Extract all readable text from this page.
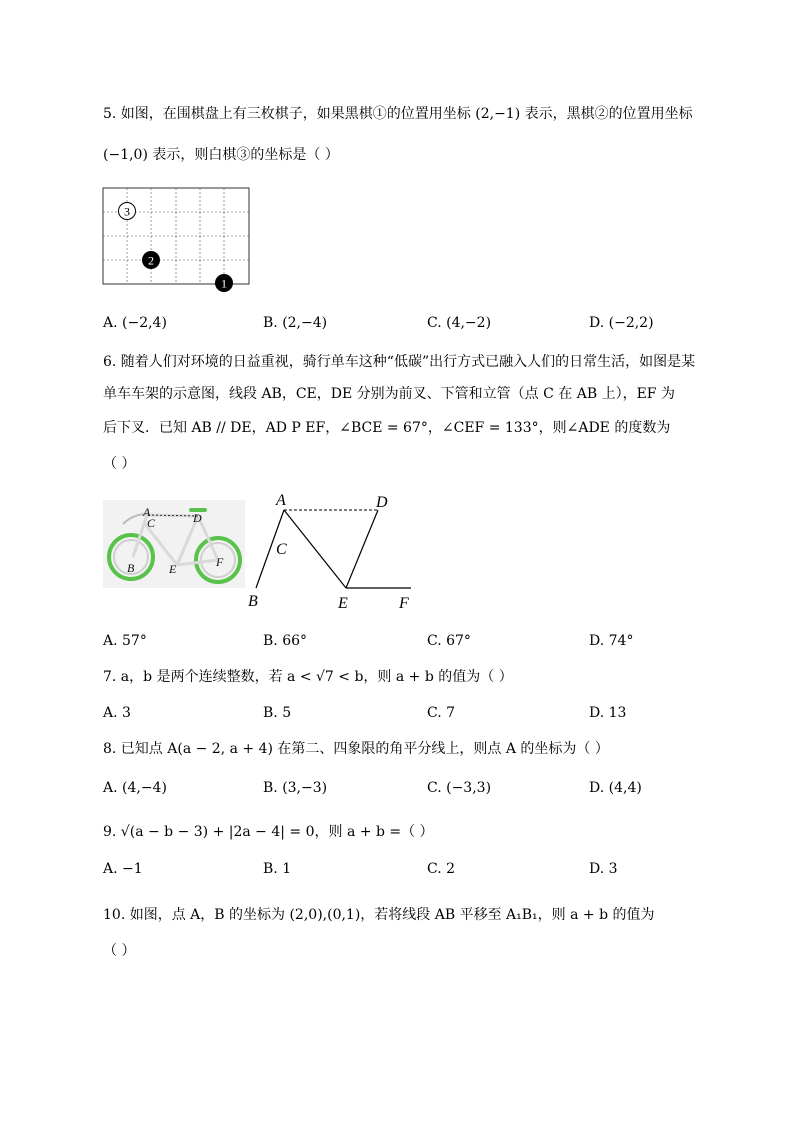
5. 如图，在围棋盘上有三枚棋子，如果黑棋①的位置用坐标 (2,−1) 表示，黑棋②的位置用坐标
(−1,0) 表示，则白棋③的坐标是（ ）
3
2
1
A. (−2,4)	B. (2,−4)	C. (4,−2)	D. (−2,2)
6. 随着人们对环境的日益重视，骑行单车这种“低碳”出行方式已融入人们的日常生活，如图是某
单车车架的示意图，线段 AB，CE，DE 分别为前叉、下管和立管（点 C 在 AB 上），EF 为
后下叉．已知 AB // DE，AD P EF，∠BCE = 67°，∠CEF = 133°，则∠ADE 的度数为
（ ）
A
C	D
B	E	F
A	D
C
B	E	F
A. 57°	B. 66°	C. 67°	D. 74°
7. a，b 是两个连续整数，若 a < √7 < b，则 a + b 的值为（ ）
A. 3	B. 5	C. 7	D. 13
8. 已知点 A(a − 2, a + 4) 在第二、四象限的角平分线上，则点 A 的坐标为（ ）
A. (4,−4)	B. (3,−3)	C. (−3,3)	D. (4,4)
9. √(a − b − 3) + |2a − 4| = 0，则 a + b =（ ）
A. −1	B. 1	C. 2	D. 3
10. 如图，点 A，B 的坐标为 (2,0),(0,1)，若将线段 AB 平移至 A₁B₁，则 a + b 的值为
（ ）
